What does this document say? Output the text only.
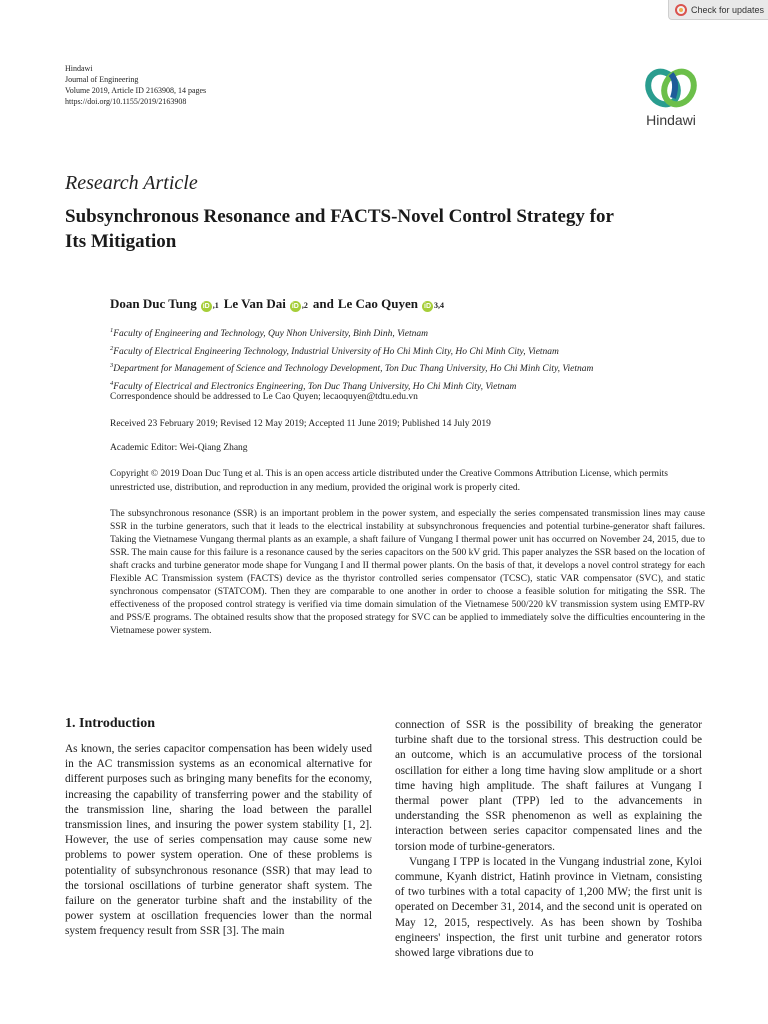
Check for updates
Hindawi
Journal of Engineering
Volume 2019, Article ID 2163908, 14 pages
https://doi.org/10.1155/2019/2163908
Hindawi
Research Article
Subsynchronous Resonance and FACTS-Novel Control Strategy for Its Mitigation
Doan Duc Tung iD ,1 Le Van Dai iD ,2 and Le Cao Quyen iD 3,4
$^1$Faculty of Engineering and Technology, Quy Nhon University, Binh Dinh, Vietnam
$^2$Faculty of Electrical Engineering Technology, Industrial University of Ho Chi Minh City, Ho Chi Minh City, Vietnam
$^3$Department for Management of Science and Technology Development, Ton Duc Thang University, Ho Chi Minh City, Vietnam
$^4$Faculty of Electrical and Electronics Engineering, Ton Duc Thang University, Ho Chi Minh City, Vietnam
Correspondence should be addressed to Le Cao Quyen; lecaoquyen@tdtu.edu.vn
Received 23 February 2019; Revised 12 May 2019; Accepted 11 June 2019; Published 14 July 2019
Academic Editor: Wei-Qiang Zhang
Copyright © 2019 Doan Duc Tung et al. This is an open access article distributed under the Creative Commons Attribution License, which permits unrestricted use, distribution, and reproduction in any medium, provided the original work is properly cited.
The subsynchronous resonance (SSR) is an important problem in the power system, and especially the series compensated transmission lines may cause SSR in the turbine generators, such that it leads to the electrical instability at subsynchronous frequencies and potential turbine-generator shaft failures. Taking the Vietnamese Vungang thermal plants as an example, a shaft failure of Vungang I thermal power unit has occurred on November 24, 2015, due to SSR. The main cause for this failure is a resonance caused by the series capacitors on the 500 kV grid. This paper analyzes the SSR based on the location of shaft cracks and turbine generator mode shape for Vungang I and II thermal power plants. On the basis of that, it develops a novel control strategy for each Flexible AC Transmission system (FACTS) device as the thyristor controlled series compensator (TCSC), static VAR compensator (SVC), and static synchronous compensator (STATCOM). Then they are comparable to one another in order to choose a feasible solution for mitigating the SSR. The effectiveness of the proposed control strategy is verified via time domain simulation of the Vietnamese 500/220 kV transmission system using EMTP-RV and PSS/E programs. The obtained results show that the proposed strategy for SVC can be applied to immediately solve the difficulties encountering in the Vietnamese power system.
1. Introduction

As known, the series capacitor compensation has been widely used in the AC transmission systems as an economical alternative for different purposes such as bringing many benefits for the economy, increasing the capability of transferring power and the stability of the transmission line, sharing the load between the parallel transmission lines, and insuring the power system stability [1, 2]. However, the use of series compensation may cause some new problems to power system operation. One of these problems is potentiality of subsynchronous resonance (SSR) that may lead to the torsional oscillations of turbine generator shaft system. The failure on the generator turbine shaft and the instability of the power system at oscillation frequencies lower than the normal system frequency result from SSR [3]. The main

connection of SSR is the possibility of breaking the generator turbine shaft due to the torsional stress. This destruction could be an outcome, which is an accumulative process of the torsional oscillation for either a long time having slow amplitude or a short time having high amplitude. The shaft failures at Vungang I thermal power plant (TPP) led to the advancements in understanding the SSR phenomenon as well as explaining the interaction between series capacitor compensated lines and the torsion mode of turbine-generators.

Vungang I TPP is located in the Vungang industrial zone, Kyloi commune, Kyanh district, Hatinh province in Vietnam, consisting of two turbines with a total capacity of 1,200 MW; the first unit is operated on December 31, 2014, and the second unit is operated on May 12, 2015, respectively. As has been shown by Toshiba engineers' inspection, the first unit turbine and generator rotors showed large vibrations due to
